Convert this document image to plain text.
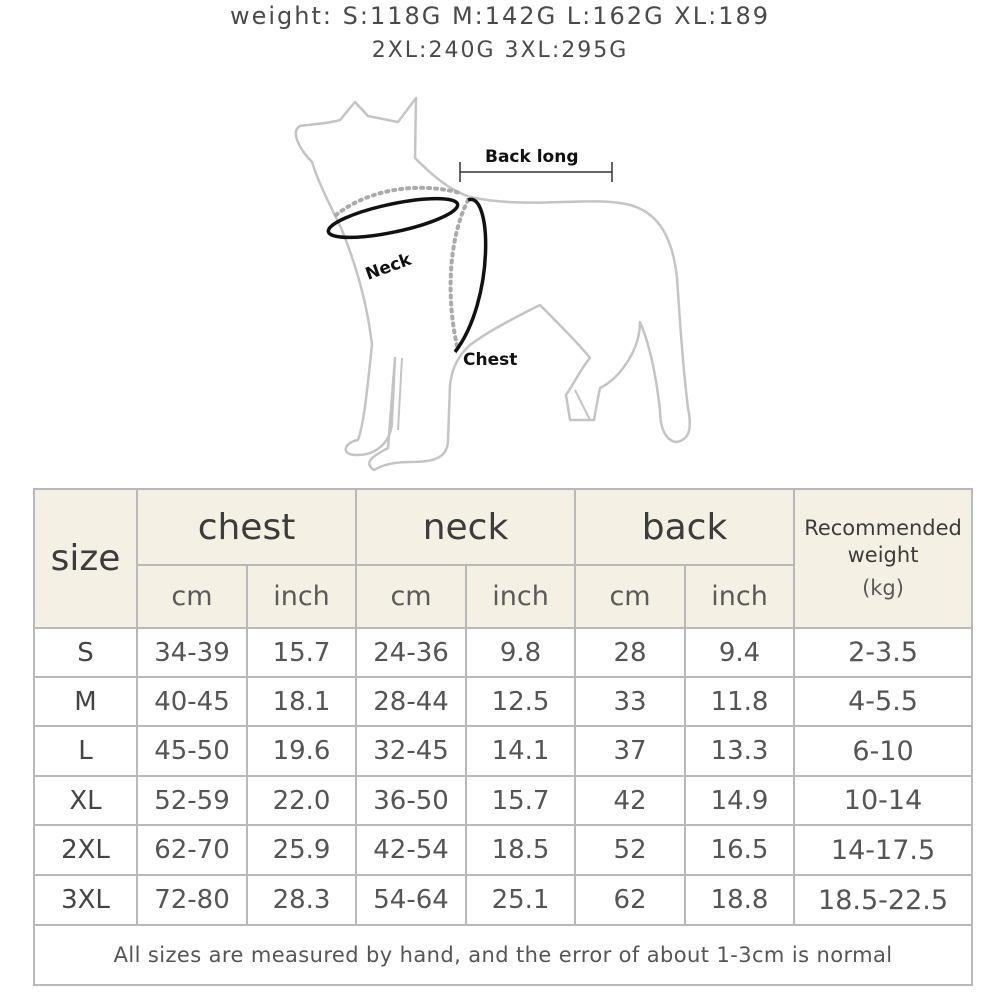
weight: S:118G M:142G L:162G XL:189
2XL:240G 3XL:295G
Back long
Neck
Chest
size	chest		neck		back		Recommended weight
(kg)

	cm	inch	cm	inch	cm	inch	
S	34-39	15.7	24-36	9.8	28	9.4	2-3.5
M	40-45	18.1	28-44	12.5	33	11.8	4-5.5
L	45-50	19.6	32-45	14.1	37	13.3	6-10
XL	52-59	22.0	36-50	15.7	42	14.9	10-14
2XL	62-70	25.9	42-54	18.5	52	16.5	14-17.5
3XL	72-80	28.3	54-64	25.1	62	18.8	18.5-22.5
All sizes are measured by hand, and the error of about 1-3cm is normal							
